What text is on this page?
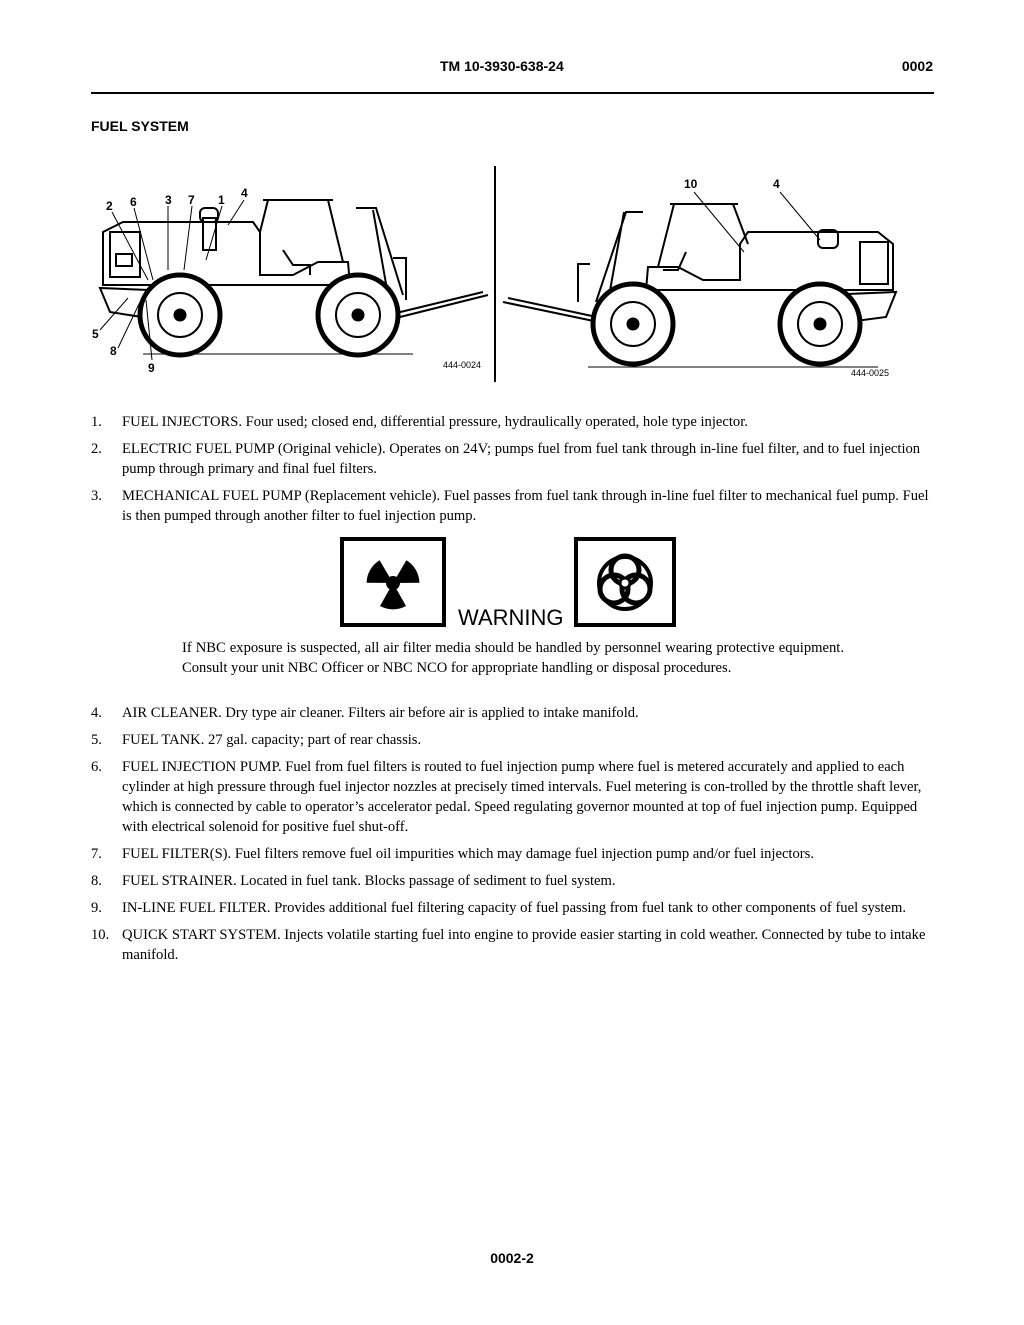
TM 10-3930-638-24	0002
FUEL SYSTEM
2 6 3 7 1 4
5
8
9	444-0024
10	4
444-0025
1. FUEL INJECTORS. Four used; closed end, differential pressure, hydraulically operated, hole type injector.
2. ELECTRIC FUEL PUMP (Original vehicle). Operates on 24V; pumps fuel from fuel tank through in-line fuel filter, and to fuel injection pump through primary and final fuel filters.
3. MECHANICAL FUEL PUMP (Replacement vehicle). Fuel passes from fuel tank through in-line fuel filter to mechanical fuel pump. Fuel is then pumped through another filter to fuel injection pump.
WARNING
If NBC exposure is suspected, all air filter media should be handled by personnel wearing protective equipment. Consult your unit NBC Officer or NBC NCO for appropriate handling or disposal procedures.
4. AIR CLEANER. Dry type air cleaner. Filters air before air is applied to intake manifold.
5. FUEL TANK. 27 gal. capacity; part of rear chassis.
6. FUEL INJECTION PUMP. Fuel from fuel filters is routed to fuel injection pump where fuel is metered accurately and applied to each cylinder at high pressure through fuel injector nozzles at precisely timed intervals. Fuel metering is con-trolled by the throttle shaft lever, which is connected by cable to operator’s accelerator pedal. Speed regulating governor mounted at top of fuel injection pump. Equipped with electrical solenoid for positive fuel shut-off.
7. FUEL FILTER(S). Fuel filters remove fuel oil impurities which may damage fuel injection pump and/or fuel injectors.
8. FUEL STRAINER. Located in fuel tank. Blocks passage of sediment to fuel system.
9. IN-LINE FUEL FILTER. Provides additional fuel filtering capacity of fuel passing from fuel tank to other components of fuel system.
10. QUICK START SYSTEM. Injects volatile starting fuel into engine to provide easier starting in cold weather. Connected by tube to intake manifold.
0002-2
